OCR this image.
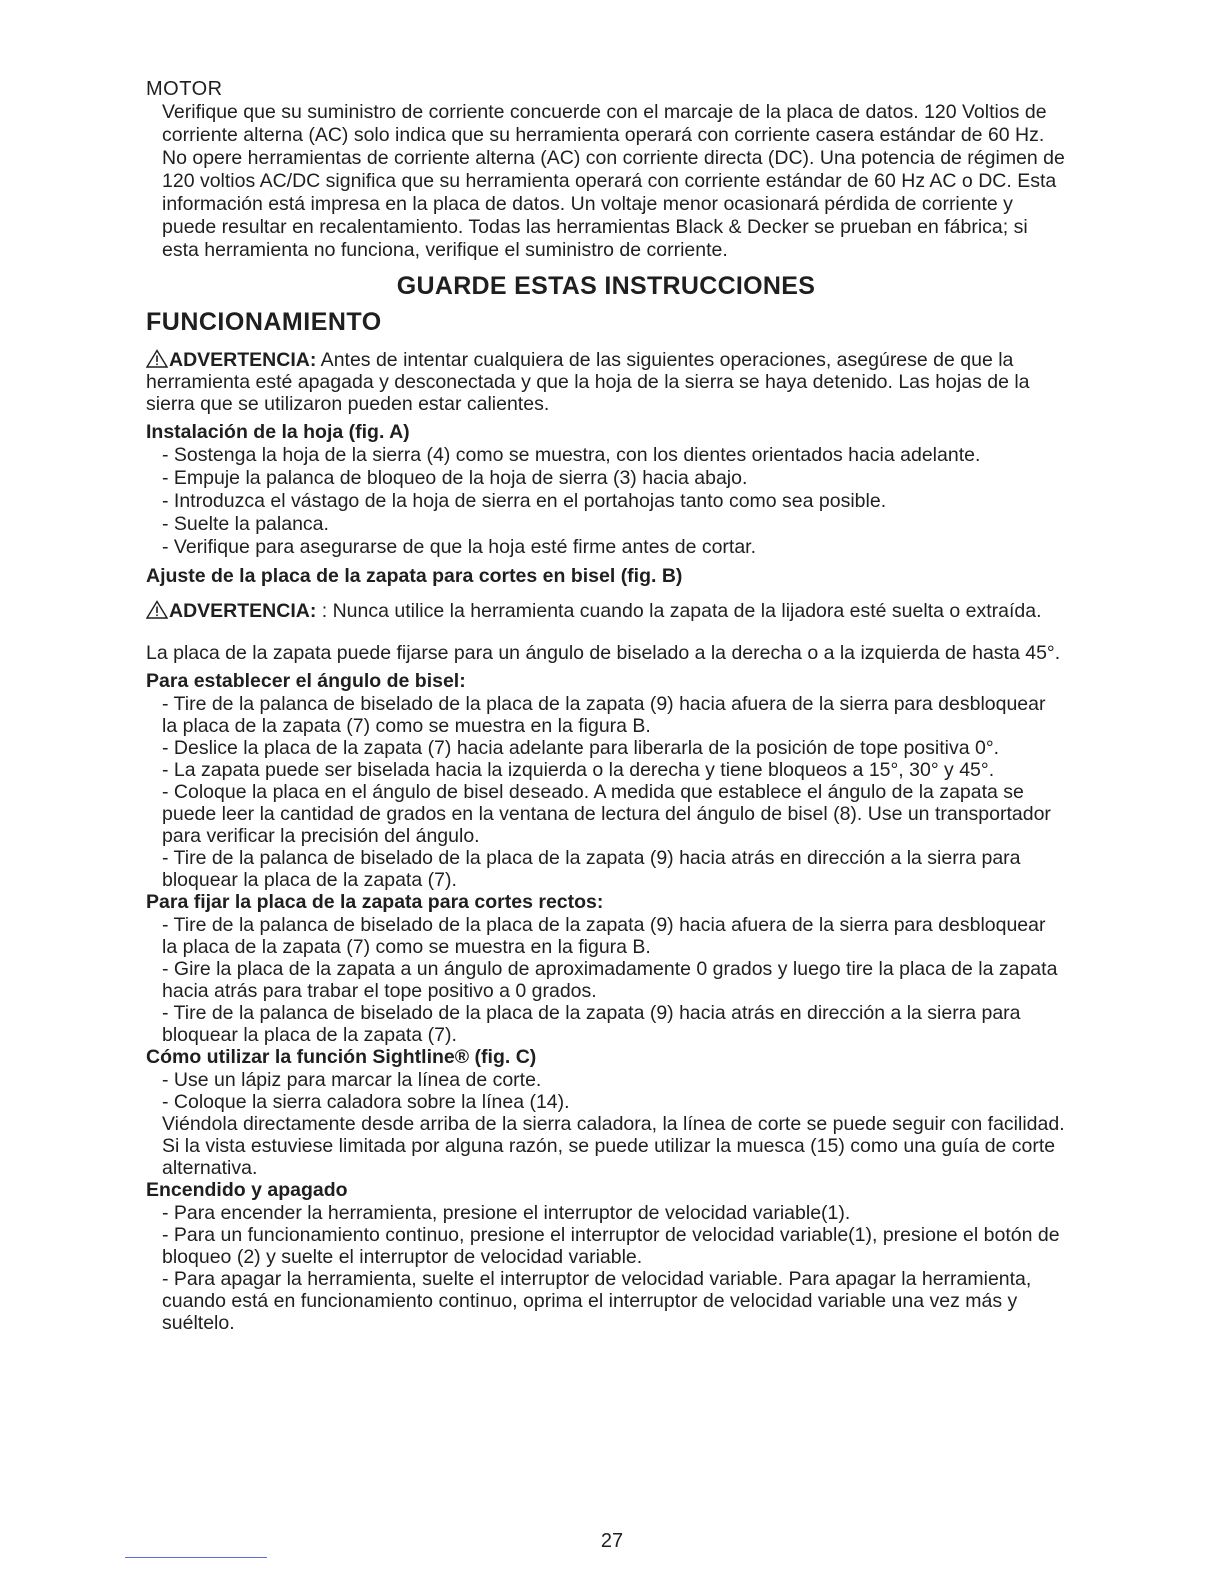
MOTOR

Verifique que su suministro de corriente concuerde con el marcaje de la placa de datos. 120 Voltios de corriente alterna (AC) solo indica que su herramienta operará con corriente casera estándar de 60 Hz. No opere herramientas de corriente alterna (AC) con corriente directa (DC). Una potencia de régimen de 120 voltios AC/DC significa que su herramienta operará con corriente estándar de 60 Hz AC o DC. Esta información está impresa en la placa de datos. Un voltaje menor ocasionará pérdida de corriente y puede resultar en recalentamiento. Todas las herramientas Black & Decker se prueban en fábrica; si esta herramienta no funciona, verifique el suministro de corriente.

GUARDE ESTAS INSTRUCCIONES
FUNCIONAMIENTO

ADVERTENCIA: Antes de intentar cualquiera de las siguientes operaciones, asegúrese de que la herramienta esté apagada y desconectada y que la hoja de la sierra se haya detenido. Las hojas de la sierra que se utilizaron pueden estar calientes.

Instalación de la hoja (fig. A)

- Sostenga la hoja de la sierra (4) como se muestra, con los dientes orientados hacia adelante.

- Empuje la palanca de bloqueo de la hoja de sierra (3) hacia abajo.

- Introduzca el vástago de la hoja de sierra en el portahojas tanto como sea posible.

- Suelte la palanca.

- Verifique para asegurarse de que la hoja esté firme antes de cortar.

Ajuste de la placa de la zapata para cortes en bisel (fig. B)

ADVERTENCIA: : Nunca utilice la herramienta cuando la zapata de la lijadora esté suelta o extraída.

La placa de la zapata puede fijarse para un ángulo de biselado a la derecha o a la izquierda de hasta 45°.

Para establecer el ángulo de bisel:

- Tire de la palanca de biselado de la placa de la zapata (9) hacia afuera de la sierra para desbloquear la placa de la zapata (7) como se muestra en la figura B.

- Deslice la placa de la zapata (7) hacia adelante para liberarla de la posición de tope positiva 0°.

- La zapata puede ser biselada hacia la izquierda o la derecha y tiene bloqueos a 15°, 30° y 45°.

- Coloque la placa en el ángulo de bisel deseado. A medida que establece el ángulo de la zapata se puede leer la cantidad de grados en la ventana de lectura del ángulo de bisel (8). Use un transportador para verificar la precisión del ángulo.

- Tire de la palanca de biselado de la placa de la zapata (9) hacia atrás en dirección a la sierra para bloquear la placa de la zapata (7).

Para fijar la placa de la zapata para cortes rectos:

- Tire de la palanca de biselado de la placa de la zapata (9) hacia afuera de la sierra para desbloquear la placa de la zapata (7) como se muestra en la figura B.

- Gire la placa de la zapata a un ángulo de aproximadamente 0 grados y luego tire la placa de la zapata hacia atrás para trabar el tope positivo a 0 grados.

- Tire de la palanca de biselado de la placa de la zapata (9) hacia atrás en dirección a la sierra para bloquear la placa de la zapata (7).

Cómo utilizar la función Sightline® (fig. C)

- Use un lápiz para marcar la línea de corte.

- Coloque la sierra caladora sobre la línea (14).

Viéndola directamente desde arriba de la sierra caladora, la línea de corte se puede seguir con facilidad. Si la vista estuviese limitada por alguna razón, se puede utilizar la muesca (15) como una guía de corte alternativa.

Encendido y apagado

- Para encender la herramienta, presione el interruptor de velocidad variable(1).

- Para un funcionamiento continuo, presione el interruptor de velocidad variable(1), presione el botón de bloqueo (2) y suelte el interruptor de velocidad variable.

- Para apagar la herramienta, suelte el interruptor de velocidad variable. Para apagar la herramienta, cuando está en funcionamiento continuo, oprima el interruptor de velocidad variable una vez más y suéltelo.

27
